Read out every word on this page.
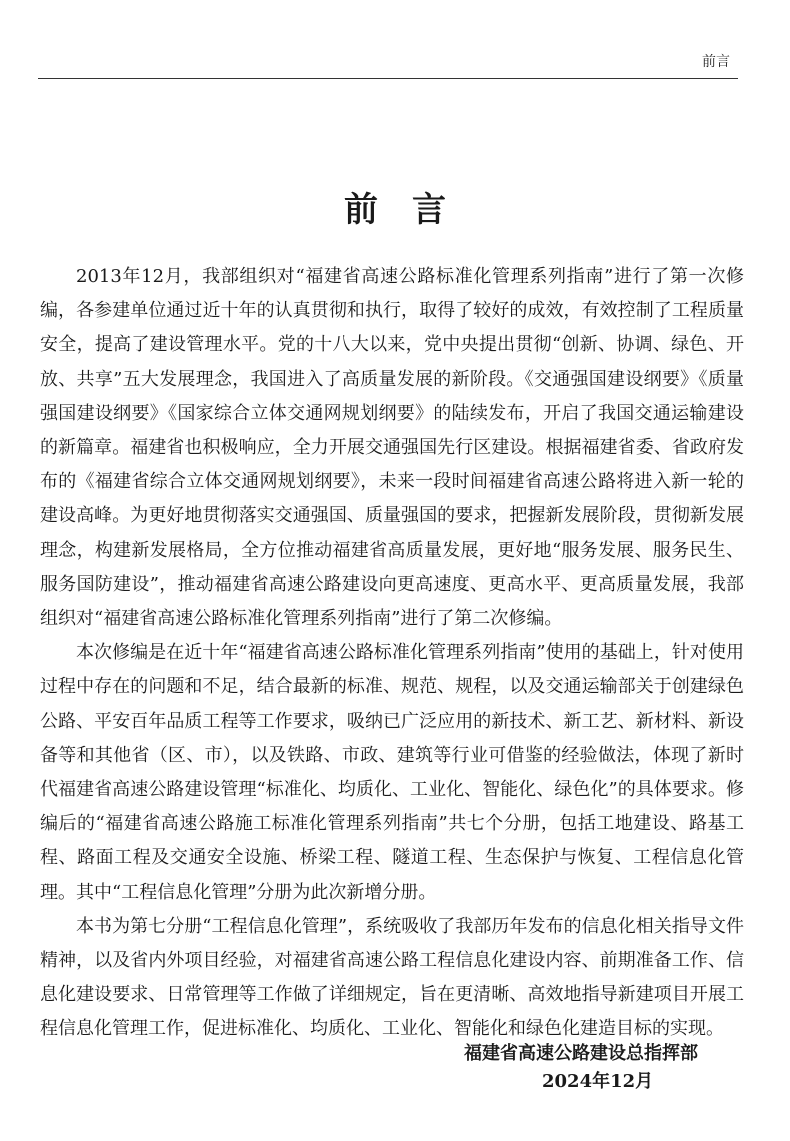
前言
前言

2013年12月，我部组织对“福建省高速公路标准化管理系列指南”进行了第一次修编，各参建单位通过近十年的认真贯彻和执行，取得了较好的成效，有效控制了工程质量安全，提高了建设管理水平。党的十八大以来，党中央提出贯彻“创新、协调、绿色、开放、共享”五大发展理念，我国进入了高质量发展的新阶段。《交通强国建设纲要》《质量强国建设纲要》《国家综合立体交通网规划纲要》的陆续发布，开启了我国交通运输建设的新篇章。福建省也积极响应，全力开展交通强国先行区建设。根据福建省委、省政府发布的《福建省综合立体交通网规划纲要》，未来一段时间福建省高速公路将进入新一轮的建设高峰。为更好地贯彻落实交通强国、质量强国的要求，把握新发展阶段，贯彻新发展理念，构建新发展格局，全方位推动福建省高质量发展，更好地“服务发展、服务民生、服务国防建设”，推动福建省高速公路建设向更高速度、更高水平、更高质量发展，我部组织对“福建省高速公路标准化管理系列指南”进行了第二次修编。

本次修编是在近十年“福建省高速公路标准化管理系列指南”使用的基础上，针对使用过程中存在的问题和不足，结合最新的标准、规范、规程，以及交通运输部关于创建绿色公路、平安百年品质工程等工作要求，吸纳已广泛应用的新技术、新工艺、新材料、新设备等和其他省（区、市），以及铁路、市政、建筑等行业可借鉴的经验做法，体现了新时代福建省高速公路建设管理“标准化、均质化、工业化、智能化、绿色化”的具体要求。修编后的“福建省高速公路施工标准化管理系列指南”共七个分册，包括工地建设、路基工程、路面工程及交通安全设施、桥梁工程、隧道工程、生态保护与恢复、工程信息化管理。其中“工程信息化管理”分册为此次新增分册。

本书为第七分册“工程信息化管理”，系统吸收了我部历年发布的信息化相关指导文件精神，以及省内外项目经验，对福建省高速公路工程信息化建设内容、前期准备工作、信息化建设要求、日常管理等工作做了详细规定，旨在更清晰、高效地指导新建项目开展工程信息化管理工作，促进标准化、均质化、工业化、智能化和绿色化建造目标的实现。

福建省高速公路建设总指挥部
2024年12月
